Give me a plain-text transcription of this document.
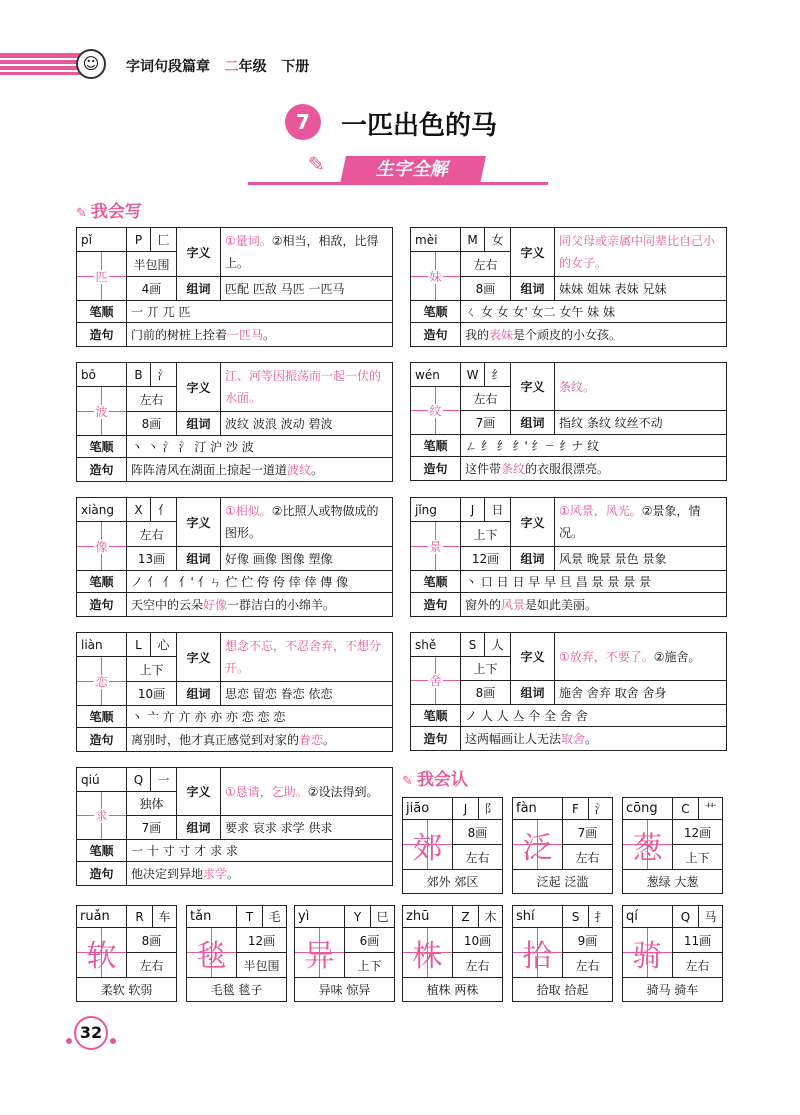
☺	字词句段篇章 二年级 下册
7	一匹出色的马
✎	生字全解
✎ 我会写
✎ 我会认
pǐ	P	匚	字义	①量词。②相当，相敌，比得上。
匹	半包围			
	4画		组词	匹配 匹敌 马匹 一匹马
笔顺	一 丌 兀 匹			
造句	门前的树桩上拴着一匹马。			
mèi	M	女	字义	同父母或亲属中同辈比自己小的女子。
妹	左右			
	8画		组词	妹妹 姐妹 表妹 兄妹
笔顺	ㄑ 女 女 女' 女二 女午 妹 妹			
造句	我的表妹是个顽皮的小女孩。			
bō	B	氵	字义	江、河等因振荡而一起一伏的水面。
波	左右			
	8画		组词	波纹 波浪 波动 碧波
笔顺	丶 丶 氵 氵 汀 沪 沙 波			
造句	阵阵清风在湖面上掠起一道道波纹。			
wén	W	纟	字义	条纹。
纹	左右			
	7画		组词	指纹 条纹 纹丝不动
笔顺	ㄥ 纟 纟 纟' 纟ㄧ 纟ナ 纹			
造句	这件带条纹的衣服很漂亮。			
xiàng	X	亻	字义	①相似。②比照人或物做成的图形。
像	左右			
	13画		组词	好像 画像 图像 塑像
笔顺	ノ 亻 亻 亻' 亻ㄣ 伫 伫 侉 侉 倖 倖 傳 像			
造句	天空中的云朵好像一群洁白的小绵羊。			
jǐng	J	日	字义	①风景，风光。②景象，情况。
景	上下			
	12画		组词	风景 晚景 景色 景象
笔顺	丶 口 日 日 早 早 旦 昌 景 景 景 景			
造句	窗外的风景是如此美丽。			
liàn	L	心	字义	想念不忘，不忍舍弃，不想分开。
恋	上下			
	10画		组词	思恋 留恋 眷恋 依恋
笔顺	丶 亠 亣 亣 亦 亦 亦 恋 恋 恋			
造句	离别时，他才真正感觉到对家的眷恋。			
shě	S	人	字义	①放弃，不要了。②施舍。
舍	上下			
	8画		组词	施舍 舍弃 取舍 舍身
笔顺	ノ 人 人 亼 仐 全 舍 舍			
造句	这两幅画让人无法取舍。			
qiú	Q	一	字义	①恳请，乞助。②设法得到。
求	独体			
	7画		组词	要求 哀求 求学 供求
笔顺	一 十 寸 寸 才 求 求			
造句	他决定到异地求学。			
jiāo	J	阝
郊	8画	
	左右	
郊外 郊区		
fàn	F	氵
泛	7画	
	左右	
泛起 泛滥		
cōng	C	艹
葱	12画	
	上下	
葱绿 大葱		
ruǎn	R	车
软	8画	
	左右	
柔软 软弱		
tǎn	T	毛
毯	12画	
	半包围	
毛毯 毯子		
yì	Y	巳
异	6画	
	上下	
异味 惊异		
zhū	Z	木
株	10画	
	左右	
植株 两株		
shí	S	扌
拾	9画	
	左右	
拾取 拾起		
qí	Q	马
骑	11画	
	左右	
骑马 骑车		
32
